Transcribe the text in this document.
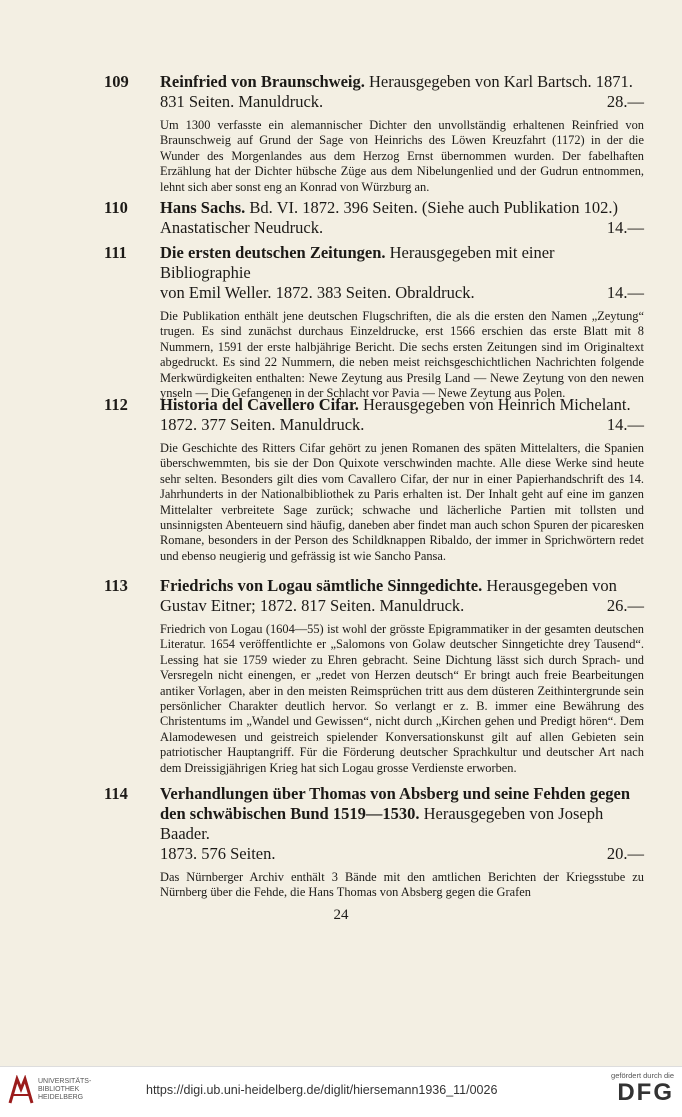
109 Reinfried von Braunschweig. Herausgegeben von Karl Bartsch. 1871.
831 Seiten. Manuldruck.	28.—
Um 1300 verfasste ein alemannischer Dichter den unvollständig erhaltenen Reinfried von Braunschweig auf Grund der Sage von Heinrichs des Löwen Kreuzfahrt (1172) in der die Wunder des Morgenlandes aus dem Herzog Ernst übernommen wurden. Der fabelhaften Erzählung hat der Dichter hübsche Züge aus dem Nibelungenlied und der Gudrun entnommen, lehnt sich aber sonst eng an Konrad von Würzburg an.
110 Hans Sachs. Bd. VI. 1872. 396 Seiten. (Siehe auch Publikation 102.)
Anastatischer Neudruck.	14.—
111 Die ersten deutschen Zeitungen. Herausgegeben mit einer Bibliographie
von Emil Weller. 1872. 383 Seiten. Obraldruck.	14.—
Die Publikation enthält jene deutschen Flugschriften, die als die ersten den Namen „Zeytung“ trugen. Es sind zunächst durchaus Einzeldrucke, erst 1566 erschien das erste Blatt mit 8 Nummern, 1591 der erste halbjährige Bericht. Die sechs ersten Zeitungen sind im Originaltext abgedruckt. Es sind 22 Nummern, die neben meist reichsgeschichtlichen Nachrichten folgende Merkwürdigkeiten enthalten: Newe Zeytung aus Presilg Land — Newe Zeytung von den newen ynseln — Die Gefangenen in der Schlacht vor Pavia — Newe Zeytung aus Polen.
112 Historia del Cavellero Cifar. Herausgegeben von Heinrich Michelant.
1872. 377 Seiten. Manuldruck.	14.—
Die Geschichte des Ritters Cifar gehört zu jenen Romanen des späten Mittelalters, die Spanien überschwemmten, bis sie der Don Quixote verschwinden machte. Alle diese Werke sind heute sehr selten. Besonders gilt dies vom Cavallero Cifar, der nur in einer Papierhandschrift des 14. Jahrhunderts in der Nationalbibliothek zu Paris erhalten ist. Der Inhalt geht auf eine im ganzen Mittelalter verbreitete Sage zurück; schwache und lächerliche Partien mit tollsten und unsinnigsten Abenteuern sind häufig, daneben aber findet man auch schon Spuren der picaresken Romane, besonders in der Person des Schildknappen Ribaldo, der immer in Sprichwörtern redet und ebenso neugierig und gefrässig ist wie Sancho Pansa.
113 Friedrichs von Logau sämtliche Sinngedichte. Herausgegeben von
Gustav Eitner; 1872. 817 Seiten. Manuldruck.	26.—
Friedrich von Logau (1604—55) ist wohl der grösste Epigrammatiker in der gesamten deutschen Literatur. 1654 veröffentlichte er „Salomons von Golaw deutscher Sinngetichte drey Tausend“. Lessing hat sie 1759 wieder zu Ehren gebracht. Seine Dichtung lässt sich durch Sprach- und Versregeln nicht einengen, er „redet von Herzen deutsch“ Er bringt auch freie Bearbeitungen antiker Vorlagen, aber in den meisten Reimsprüchen tritt aus dem düsteren Zeithintergrunde sein persönlicher Charakter deutlich hervor. So verlangt er z. B. immer eine Bewährung des Christentums im „Wandel und Gewissen“, nicht durch „Kirchen gehen und Predigt hören“. Dem Alamodewesen und geistreich spielender Konversationskunst gilt auf allen Gebieten sein patriotischer Hauptangriff. Für die Förderung deutscher Sprachkultur und deutscher Art nach dem Dreissigjährigen Krieg hat sich Logau grosse Verdienste erworben.
114 Verhandlungen über Thomas von Absberg und seine Fehden gegen den schwäbischen Bund 1519—1530. Herausgegeben von Joseph Baader.
1873. 576 Seiten.	20.—
Das Nürnberger Archiv enthält 3 Bände mit den amtlichen Berichten der Kriegsstube zu Nürnberg über die Fehde, die Hans Thomas von Absberg gegen die Grafen
24
UNIVERSITÄTS-
BIBLIOTHEK
HEIDELBERG
https://digi.ub.uni-heidelberg.de/diglit/hiersemann1936_11/0026
gefördert durch die
DFG
